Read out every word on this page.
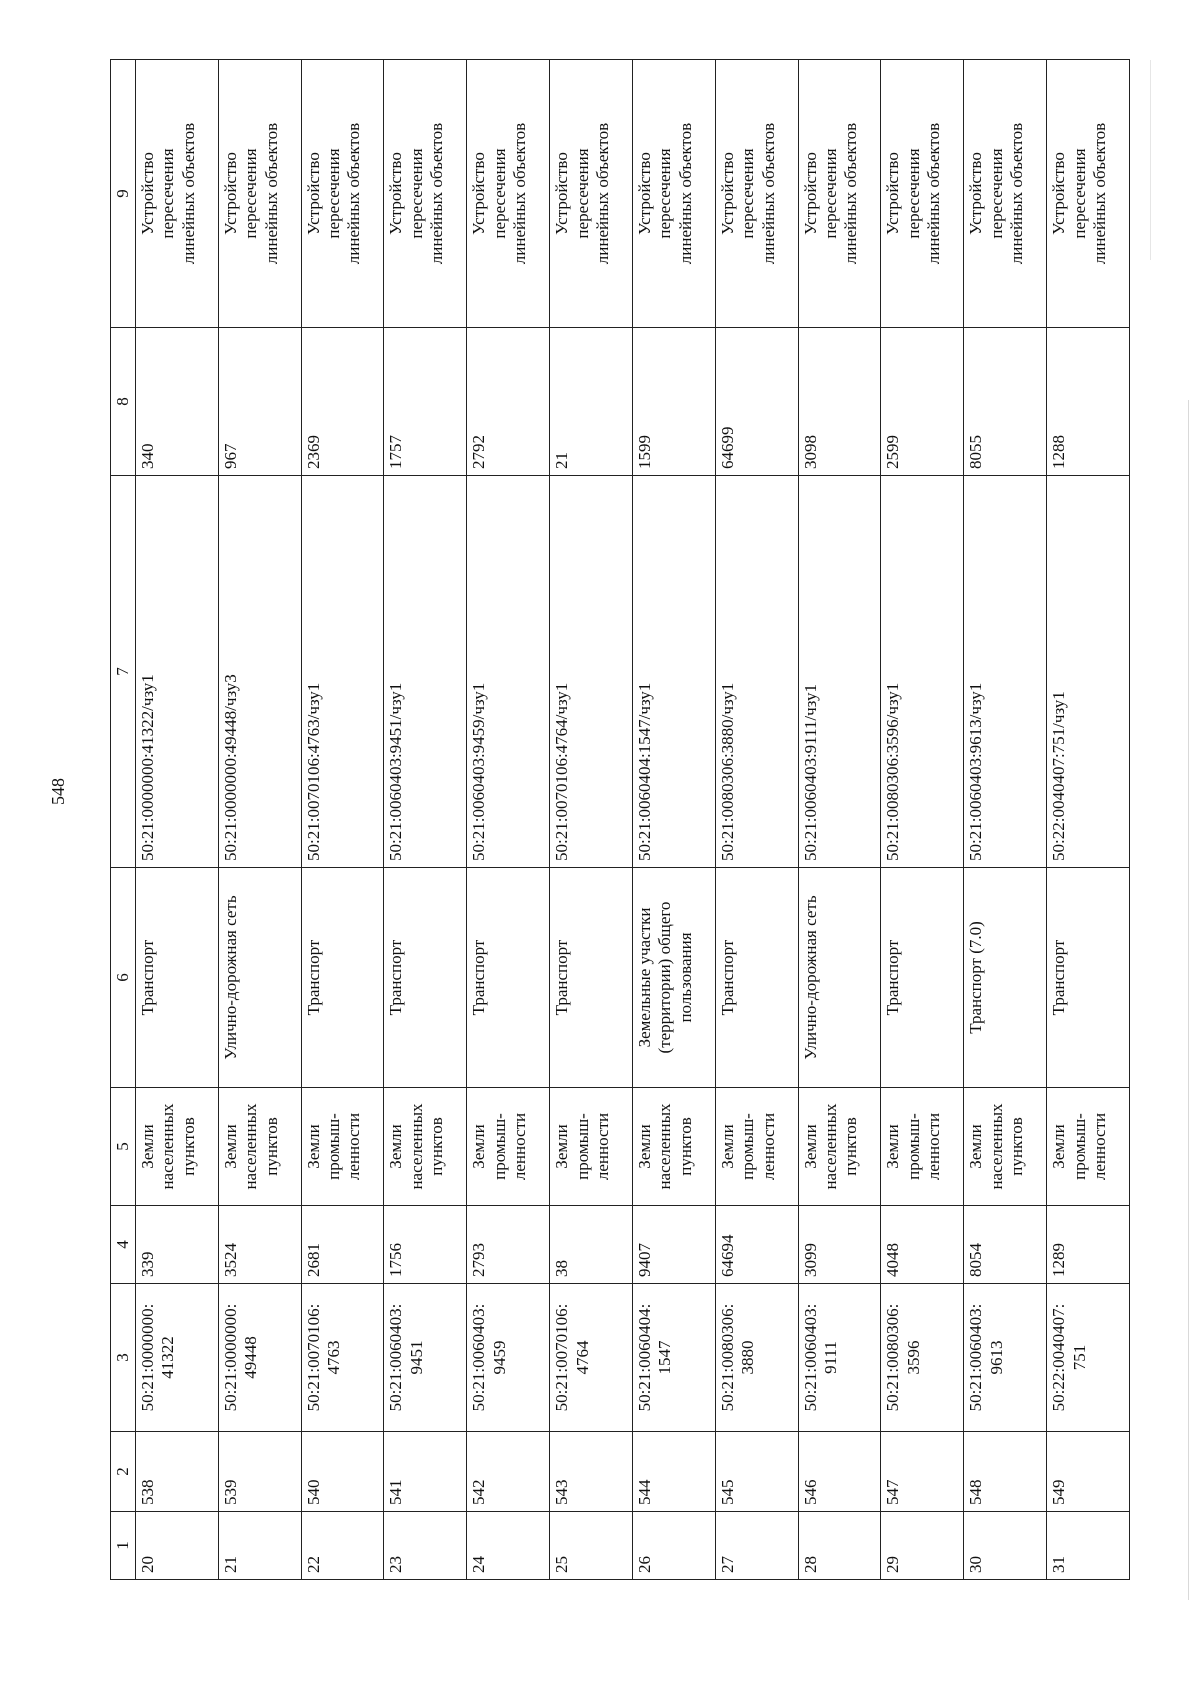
548
1	2	3	4	5	6	7	8	9
20	538	50:21:0000000:
41322	339	Земли
населенных
пунктов	Транспорт	50:21:0000000:41322/чзу1	340	Устройство
пересечения
линейных объектов
21	539	50:21:0000000:
49448	3524	Земли
населенных
пунктов	Улично-дорожная сеть	50:21:0000000:49448/чзу3	967	Устройство
пересечения
линейных объектов
22	540	50:21:0070106:
4763	2681	Земли
промыш-
ленности	Транспорт	50:21:0070106:4763/чзу1	2369	Устройство
пересечения
линейных объектов
23	541	50:21:0060403:
9451	1756	Земли
населенных
пунктов	Транспорт	50:21:0060403:9451/чзу1	1757	Устройство
пересечения
линейных объектов
24	542	50:21:0060403:
9459	2793	Земли
промыш-
ленности	Транспорт	50:21:0060403:9459/чзу1	2792	Устройство
пересечения
линейных объектов
25	543	50:21:0070106:
4764	38	Земли
промыш-
ленности	Транспорт	50:21:0070106:4764/чзу1	21	Устройство
пересечения
линейных объектов
26	544	50:21:0060404:
1547	9407	Земли
населенных
пунктов	Земельные участки
(территории) общего
пользования	50:21:0060404:1547/чзу1	1599	Устройство
пересечения
линейных объектов
27	545	50:21:0080306:
3880	64694	Земли
промыш-
ленности	Транспорт	50:21:0080306:3880/чзу1	64699	Устройство
пересечения
линейных объектов
28	546	50:21:0060403:
9111	3099	Земли
населенных
пунктов	Улично-дорожная сеть	50:21:0060403:9111/чзу1	3098	Устройство
пересечения
линейных объектов
29	547	50:21:0080306:
3596	4048	Земли
промыш-
ленности	Транспорт	50:21:0080306:3596/чзу1	2599	Устройство
пересечения
линейных объектов
30	548	50:21:0060403:
9613	8054	Земли
населенных
пунктов	Транспорт (7.0)	50:21:0060403:9613/чзу1	8055	Устройство
пересечения
линейных объектов
31	549	50:22:0040407:
751	1289	Земли
промыш-
ленности	Транспорт	50:22:0040407:751/чзу1	1288	Устройство
пересечения
линейных объектов
